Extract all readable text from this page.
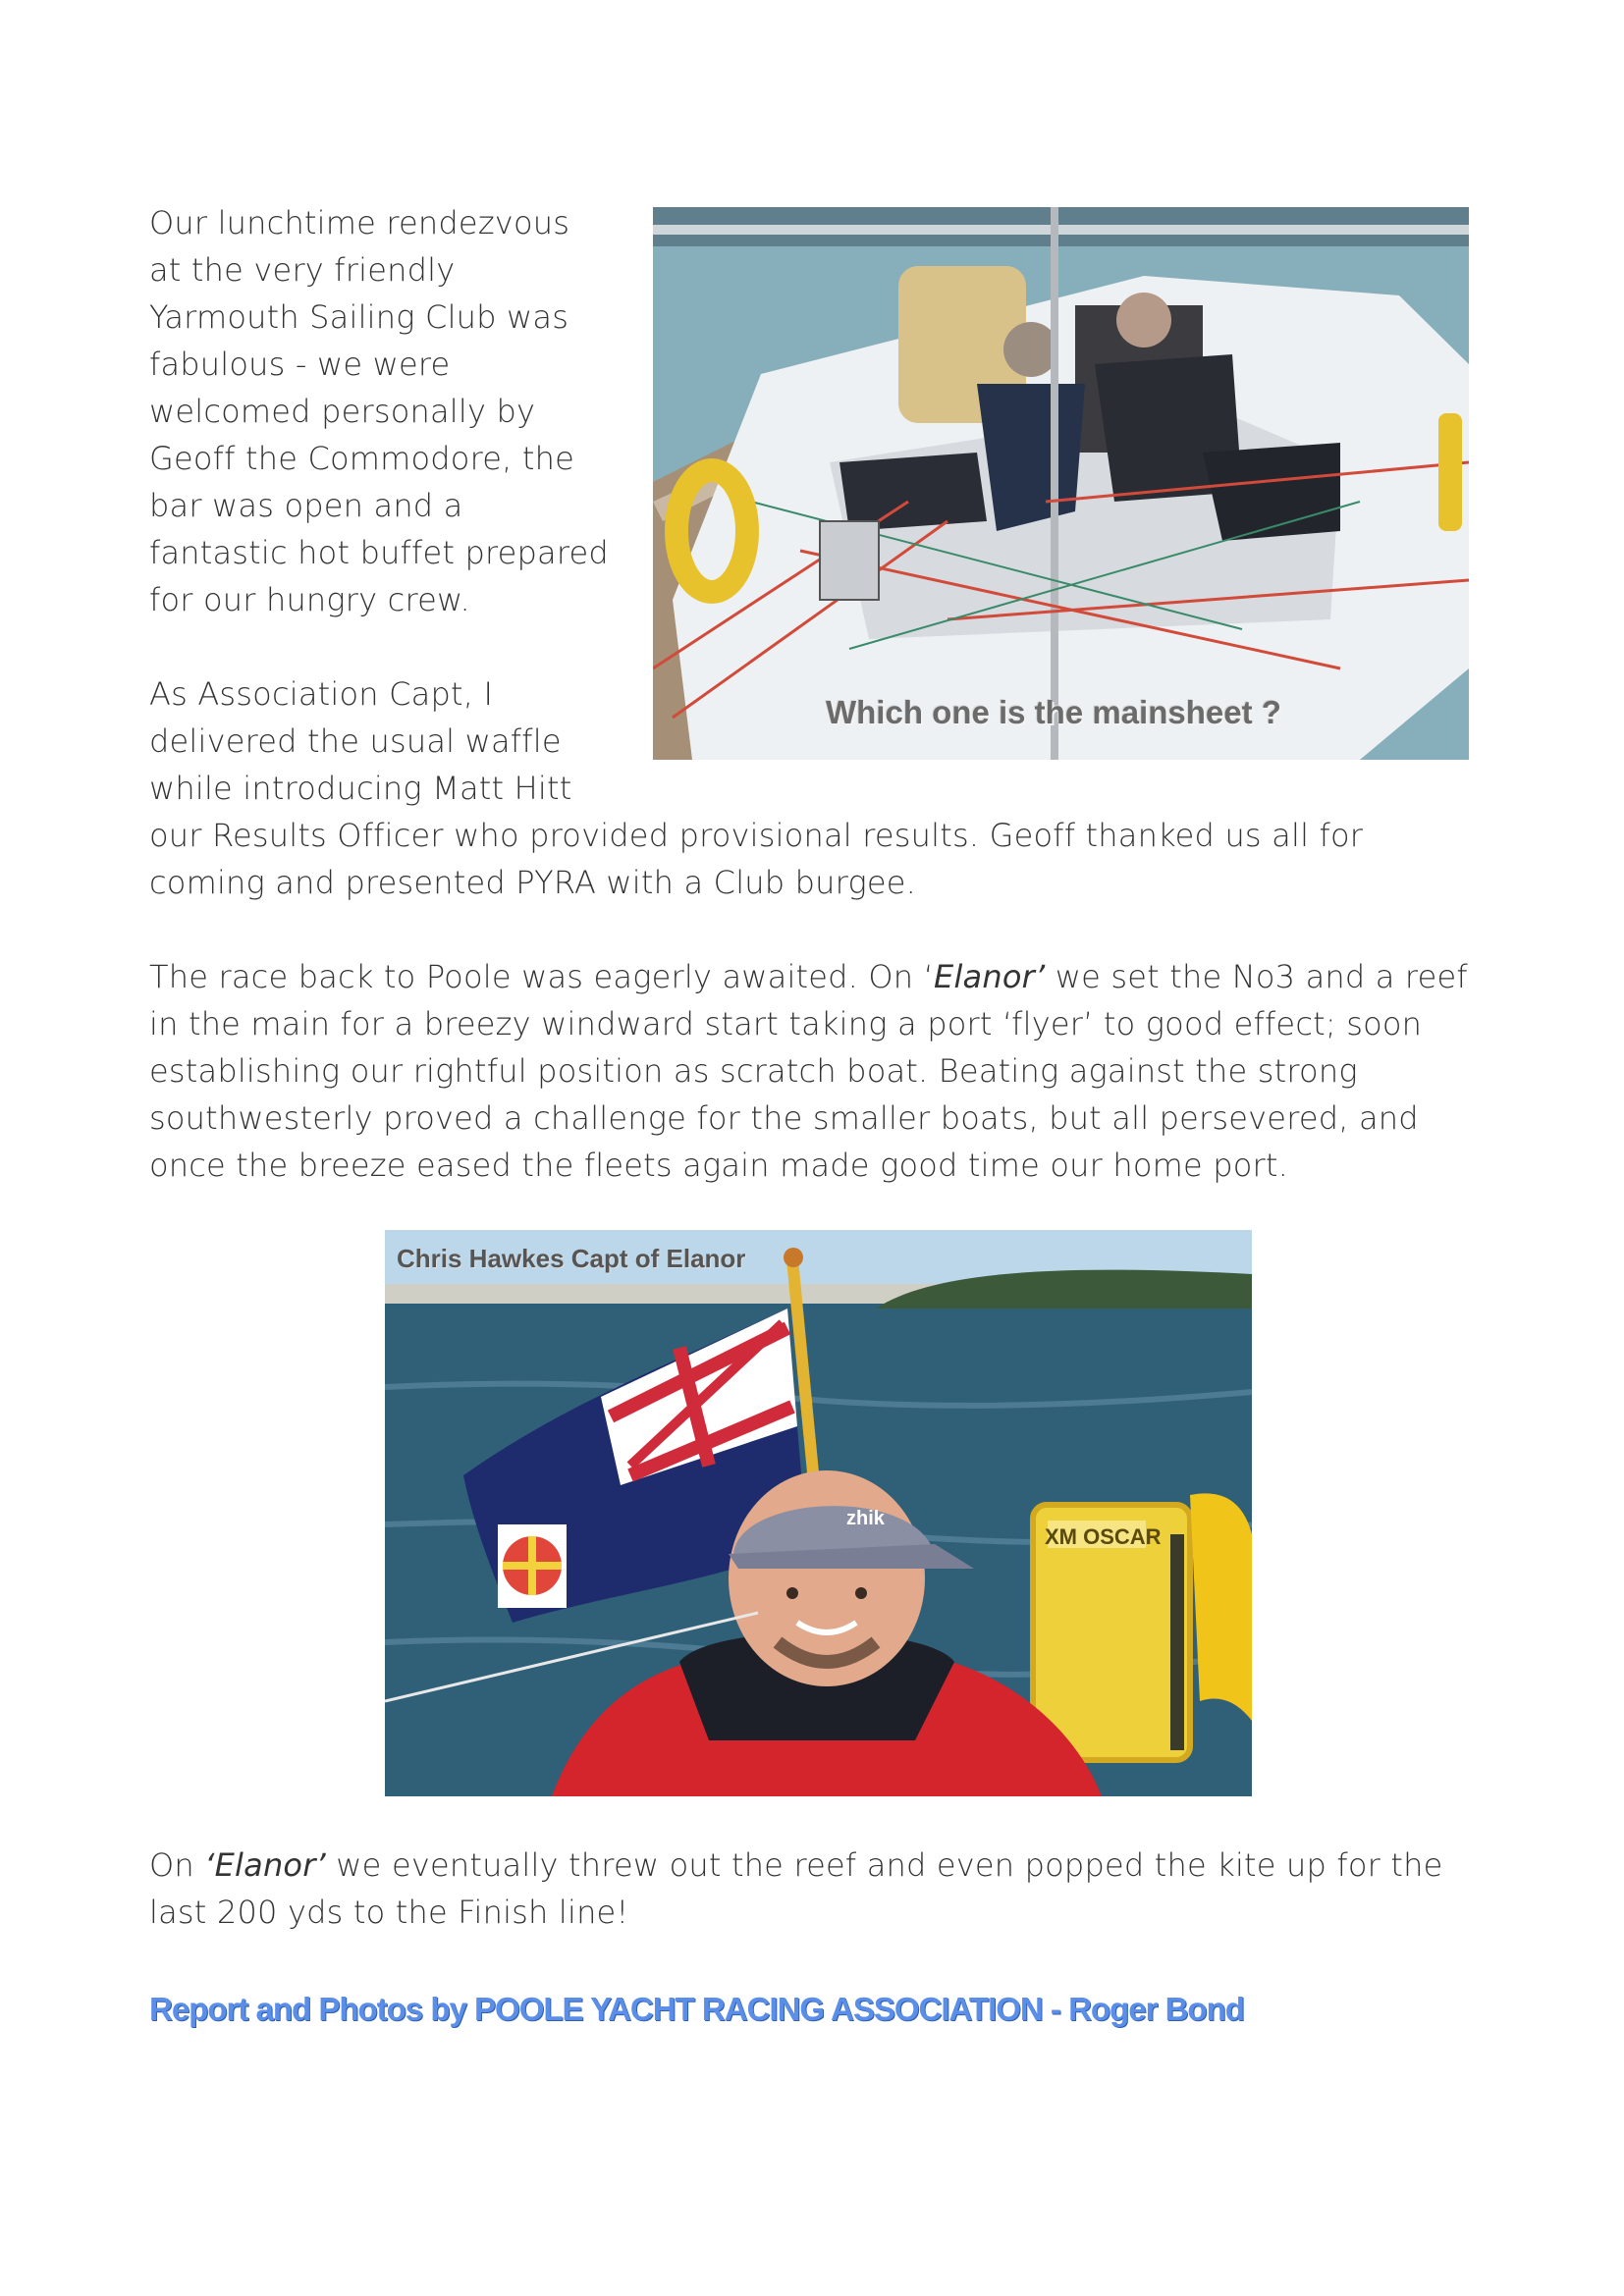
Our lunchtime rendezvous at the very friendly Yarmouth Sailing Club was fabulous - we were welcomed personally by Geoff the Commodore, the bar was open and a fantastic hot buffet prepared for our hungry crew.

As Association Capt, I
delivered the usual waffle
while introducing Matt Hitt

our Results Officer who provided provisional results. Geoff thanked us all for coming and presented PYRA with a Club burgee.

Which one is the mainsheet ?

The race back to Poole was eagerly awaited. On ‘Elanor’ we set the No3 and a reef in the main for a breezy windward start taking a port ‘flyer’ to good effect; soon establishing our rightful position as scratch boat. Beating against the strong southwesterly proved a challenge for the smaller boats, but all persevered, and once the breeze eased the fleets again made good time our home port.

XM OSCAR
zhik
Chris Hawkes Capt of Elanor

On ‘Elanor’ we eventually threw out the reef and even popped the kite up for the last 200 yds to the Finish line!

Report and Photos by POOLE YACHT RACING ASSOCIATION - Roger Bond
